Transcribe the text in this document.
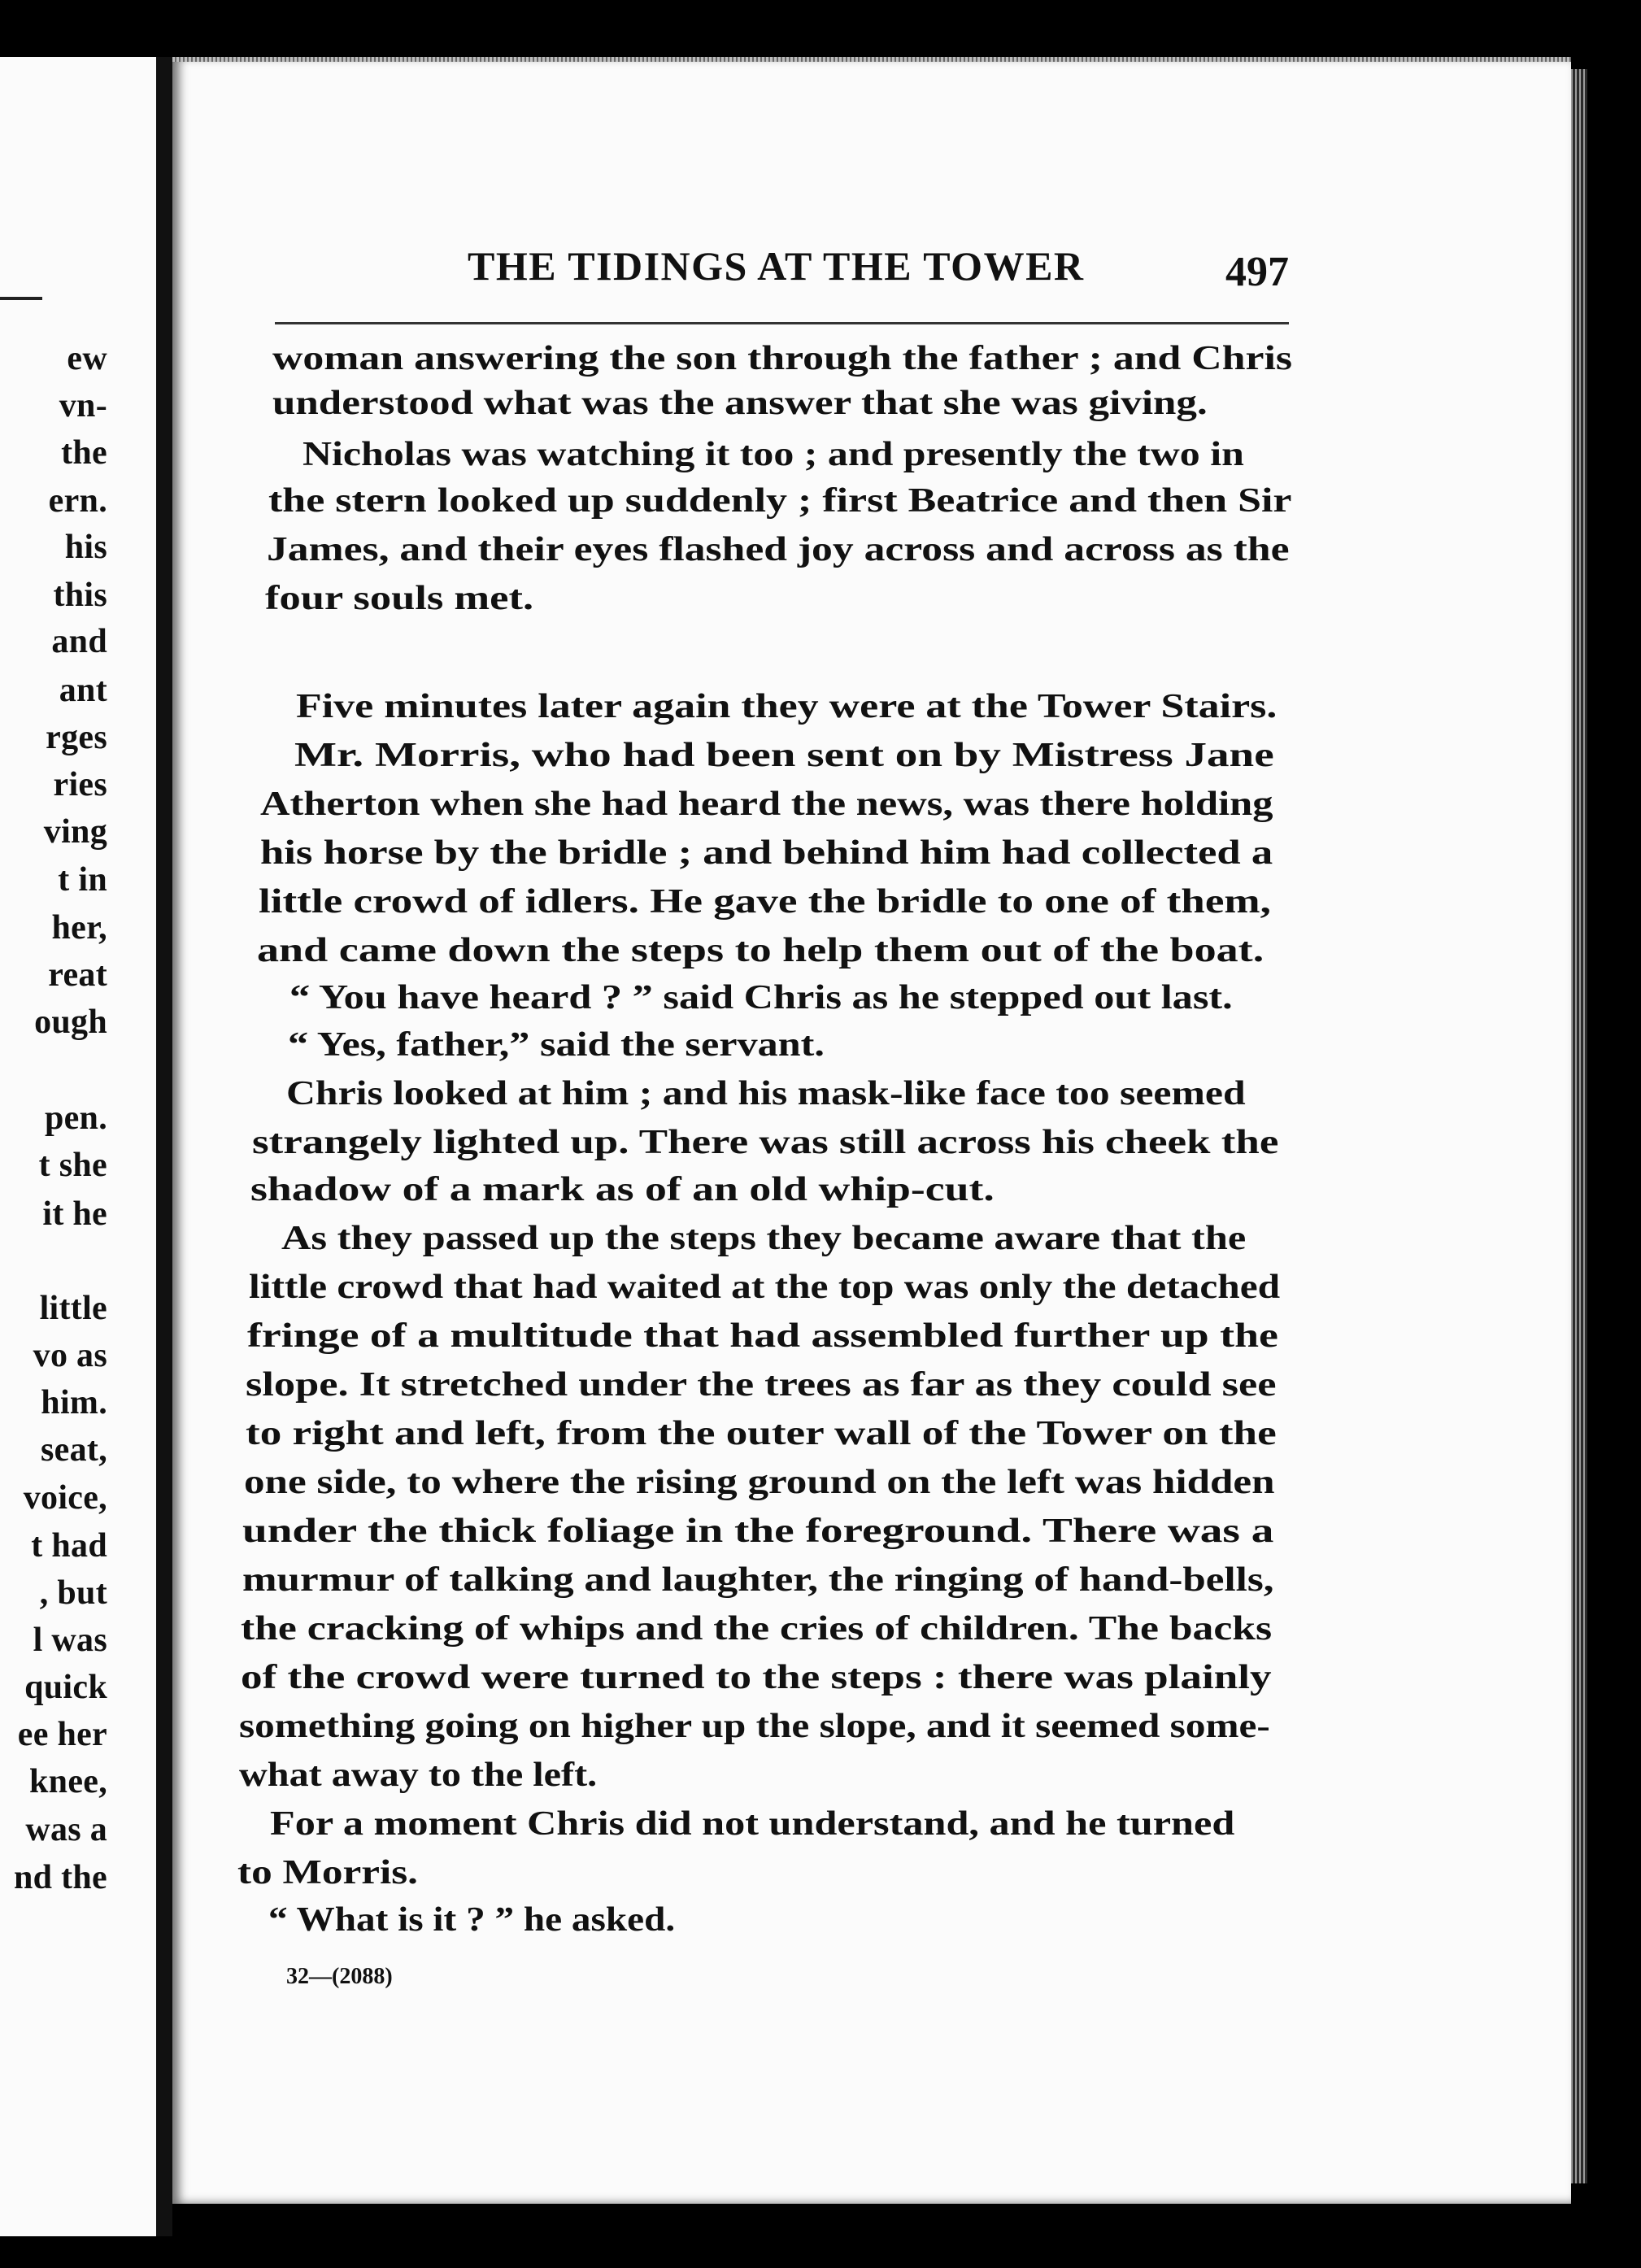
ew
vn-
the
ern.
his
this
and
ant
rges
ries
ving
t in
her,
reat
ough
pen.
t she
it he
little
vo as
him.
seat,
voice,
t had
, but
l was
quick
ee her
knee,
was a
nd the
THE TIDINGS AT THE TOWER	497
woman answering the son through the father ; and Chris
understood what was the answer that she was giving.
Nicholas was watching it too ; and presently the two in
the stern looked up suddenly ; first Beatrice and then Sir
James, and their eyes flashed joy across and across as the
four souls met.
Five minutes later again they were at the Tower Stairs.
Mr. Morris, who had been sent on by Mistress Jane
Atherton when she had heard the news, was there holding
his horse by the bridle ; and behind him had collected a
little crowd of idlers. He gave the bridle to one of them,
and came down the steps to help them out of the boat.
“ You have heard ? ” said Chris as he stepped out last.
“ Yes, father,” said the servant.
Chris looked at him ; and his mask-like face too seemed
strangely lighted up. There was still across his cheek the
shadow of a mark as of an old whip-cut.
As they passed up the steps they became aware that the
little crowd that had waited at the top was only the detached
fringe of a multitude that had assembled further up the
slope. It stretched under the trees as far as they could see
to right and left, from the outer wall of the Tower on the
one side, to where the rising ground on the left was hidden
under the thick foliage in the foreground. There was a
murmur of talking and laughter, the ringing of hand-bells,
the cracking of whips and the cries of children. The backs
of the crowd were turned to the steps : there was plainly
something going on higher up the slope, and it seemed some-
what away to the left.
For a moment Chris did not understand, and he turned
to Morris.
“ What is it ? ” he asked.
32—(2088)
